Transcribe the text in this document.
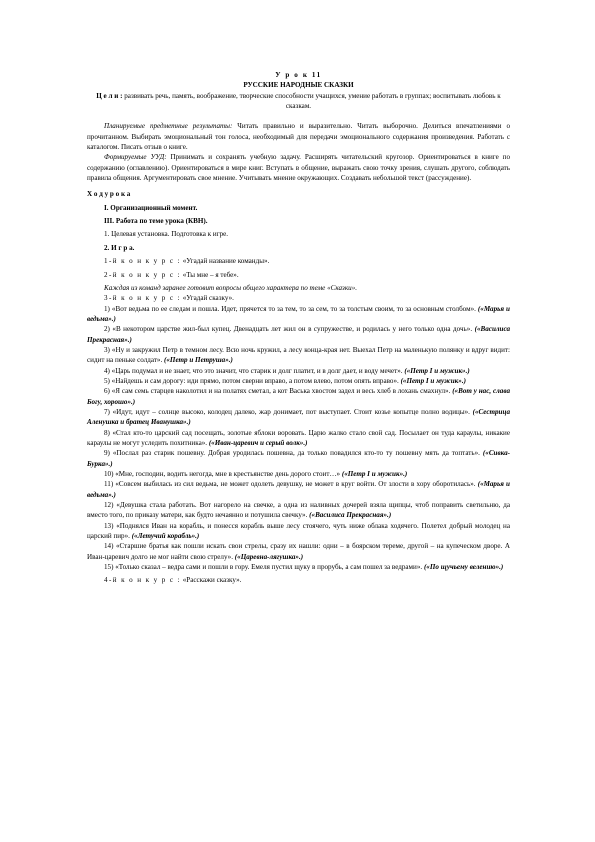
У р о к 11

РУССКИЕ НАРОДНЫЕ СКАЗКИ

Ц е л и : развивать речь, память, воображение, творческие способности учащихся, умение работать в группах; воспитывать любовь к сказкам.

Планируемые предметные результаты: Читать правильно и выразительно. Читать выборочно. Делиться впечатлениями о прочитанном. Выбирать эмоциональный тон голоса, необходимый для передачи эмоционального содержания произведения. Работать с каталогом. Писать отзыв о книге.

Формируемые УУД: Принимать и сохранять учебную задачу. Расширять читательский кругозор. Ориентироваться в книге по содержанию (оглавлению). Ориентироваться в мире книг. Вступать в общение, выражать свою точку зрения, слушать другого, соблюдать правила общения. Аргументировать свое мнение. Учитывать мнение окружающих. Создавать небольшой текст (рассуждение).

Х о д у р о к а

I. Организационный момент.

III. Работа по теме урока (КВН).

1. Целевая установка. Подготовка к игре.

2. И г р а.

1-й к о н к у р с : «Угадай название команды».

2-й к о н к у р с : «Ты мне – я тебе».

Каждая из команд заранее готовит вопросы общего характера по теме «Сказки».

3-й к о н к у р с : «Угадай сказку».

1) «Вот ведьма по ее следам и пошла. Идет, прячется то за тем, то за сем, то за толстым своим, то за основным столбом». («Марья и ведьма».)

2) «В некотором царстве жил-был купец. Двенадцать лет жил он в супружестве, и родилась у него только одна дочь». («Василиса Прекрасная».)

3) «Ну и закружил Петр в темном лесу. Всю ночь кружил, а лесу конца-края нет. Выехал Петр на маленькую полянку и вдруг видит: сидит на пеньке солдат». («Петр и Петруша».)

4) «Царь подумал и не знает, что это значит, что старик и долг платит, и в долг дает, и воду мечет». («Петр I и мужик».)

5) «Найдешь и сам дорогу: иди прямо, потом сверни вправо, а потом влево, потом опять вправо». («Петр I и мужик».)

6) «Я сам семь старцев наколотил и на полатях сметал, а кот Васька хвостом задел и весь хлеб в лохань смахнул». («Вот у нас, слава Богу, хорошо».)

7) «Идут, идут – солнце высоко, колодец далеко, жар донимает, пот выступает. Стоит козье копытце полно водицы». («Сестрица Аленушка и братец Иванушка».)

8) «Стал кто-то царский сад посещать, золотые яблоки воровать. Царю жалко стало свой сад. Посылает он туда караулы, никакие караулы не могут уследить похитника». («Иван-царевич и серый волк».)

9) «Послал раз старик пошевну. Добрая уродилась пошевна, да только повадился кто-то ту пошевну мять да топтать». («Сивка-Бурка».)

10) «Мне, господин, водить негогда, мне в крестьянстве день дорого стоит…» («Петр I и мужик».)

11) «Совсем выбилась из сил ведьма, не может одолеть девушку, не может в круг войти. От злости в хору оборотилась». («Марья и ведьма».)

12) «Девушка стала работать. Вот нагорело на свечке, а одна из наливных дочерей взяла щипцы, чтоб поправить светильню, да вместо того, по приказу матери, как будто нечаянно и потушила свечку». («Василиса Прекрасная».)

13) «Поднялся Иван на корабль, и понесся корабль выше лесу стоячего, чуть ниже облака ходячего. Полетел добрый молодец на царский пир». («Летучий корабль».)

14) «Старшие братья как пошли искать свои стрелы, сразу их нашли: одни – в боярском тереме, другой – на купеческом дворе. А Иван-царевич долго не мог найти свою стрелу». («Царевна-лягушка».)

15) «Только сказал – ведра сами и пошли в гору. Емеля пустил щуку в прорубь, а сам пошел за ведрами». («По щучьему велению».)

4-й к о н к у р с : «Расскажи сказку».
